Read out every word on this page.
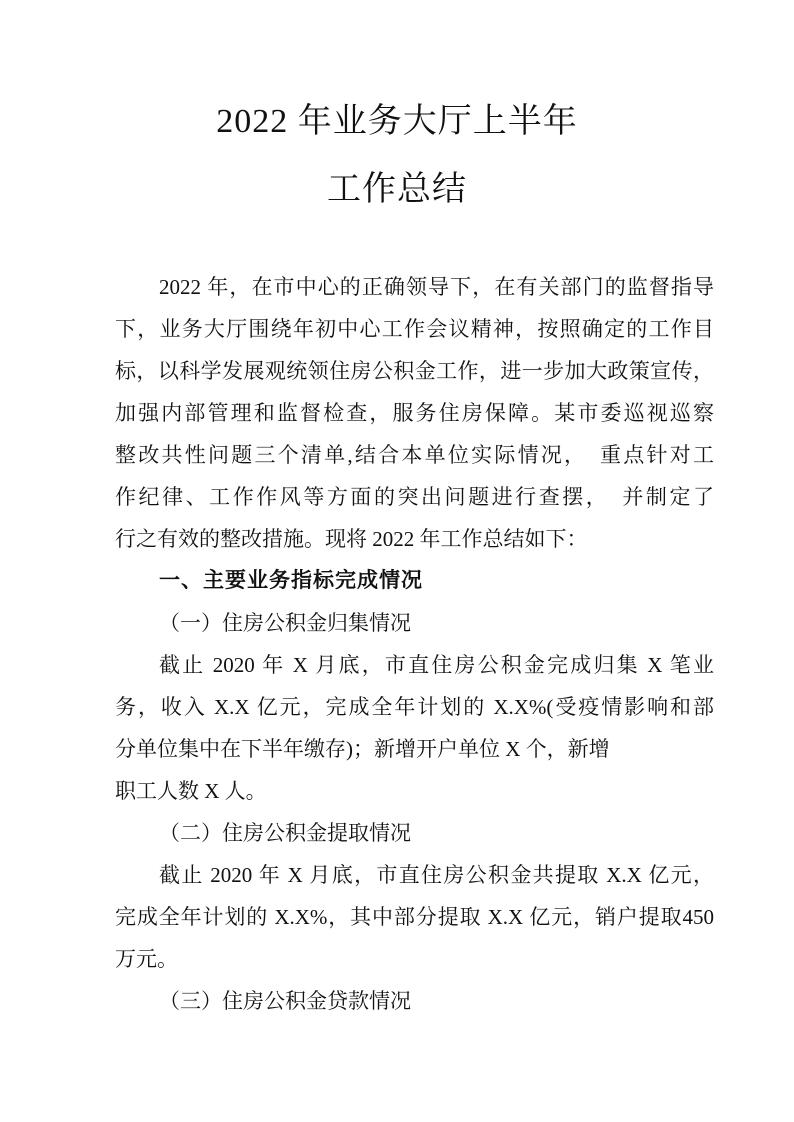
2022 年业务大厅上半年
工作总结
2022 年，在市中心的正确领导下，在有关部门的监督指导
下，业务大厅围绕年初中心工作会议精神，按照确定的工作目
标，以科学发展观统领住房公积金工作，进一步加大政策宣传，
加强内部管理和监督检查，服务住房保障。某市委巡视巡察
整改共性问题三个清单,结合本单位实际情况，　重点针对工
作纪律、工作作风等方面的突出问题进行查摆，　并制定了
行之有效的整改措施。现将 2022 年工作总结如下：
一、主要业务指标完成情况
（一）住房公积金归集情况
截止 2020 年 X 月底，市直住房公积金完成归集 X 笔业
务，收入 X.X 亿元，完成全年计划的 X.X%(受疫情影响和部
分单位集中在下半年缴存)；新增开户单位 X 个，新增
职工人数 X 人。
（二）住房公积金提取情况
截止 2020 年 X 月底，市直住房公积金共提取 X.X 亿元，
完成全年计划的 X.X%，其中部分提取 X.X 亿元，销户提取450
万元。
（三）住房公积金贷款情况
